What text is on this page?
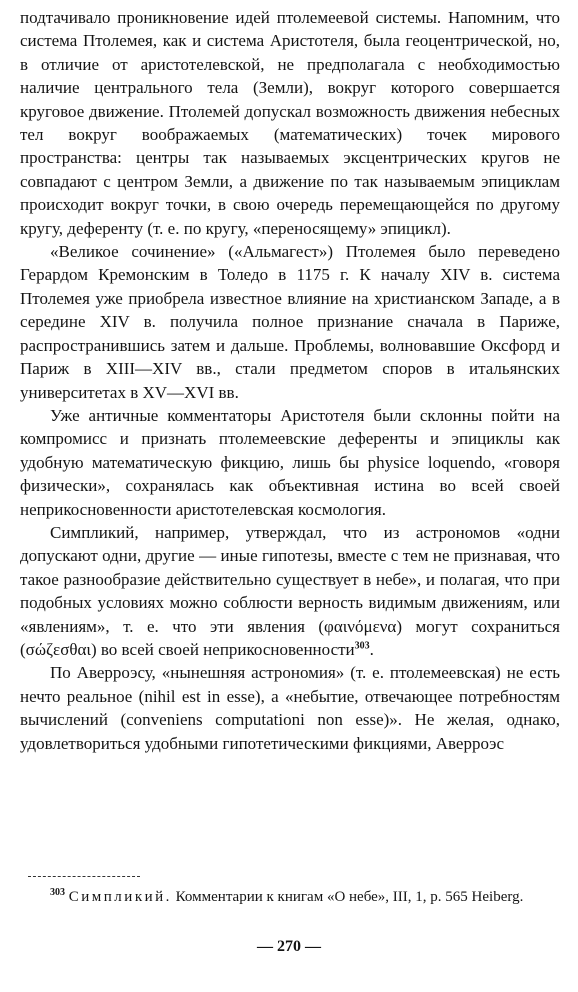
подтачивало проникновение идей птолемеевой системы. Напомним, что система Птолемея, как и система Аристотеля, была геоцентрической, но, в отличие от аристотелевской, не предполагала с необходимостью наличие центрального тела (Земли), вокруг которого совершается круговое движение. Птолемей допускал возможность движения небесных тел вокруг воображаемых (математических) точек мирового пространства: центры так называемых эксцентрических кругов не совпадают с центром Земли, а движение по так называемым эпициклам происходит вокруг точки, в свою очередь перемещающейся по другому кругу, деференту (т. е. по кругу, «переносящему» эпицикл).

«Великое сочинение» («Альмагест») Птолемея было переведено Герардом Кремонским в Толедо в 1175 г. К началу XIV в. система Птолемея уже приобрела известное влияние на христианском Западе, а в середине XIV в. получила полное признание сначала в Париже, распространившись затем и дальше. Проблемы, волновавшие Оксфорд и Париж в XIII—XIV вв., стали предметом споров в итальянских университетах в XV—XVI вв.

Уже античные комментаторы Аристотеля были склонны пойти на компромисс и признать птолемеевские деференты и эпициклы как удобную математическую фикцию, лишь бы physice loquendo, «говоря физически», сохранялась как объективная истина во всей своей неприкосновенности аристотелевская космология.

Симпликий, например, утверждал, что из астрономов «одни допускают одни, другие — иные гипотезы, вместе с тем не признавая, что такое разнообразие действительно существует в небе», и полагая, что при подобных условиях можно соблюсти верность видимым движениям, или «явлениям», т. е. что эти явления (φαινόμενα) могут сохраниться (σώζεσθαι) во всей своей неприкосновенности$^{303}$.

По Аверроэсу, «нынешняя астрономия» (т. е. птолемеевская) не есть нечто реальное (nihil est in esse), а «небытие, отвечающее потребностям вычислений (conveniens computationi non esse)». Не желая, однако, удовлетвориться удобными гипотетическими фикциями, Аверроэс

$^{303}$ Симпликий. Комментарии к книгам «О небе», III, 1, p. 565 Heiberg.
— 270 —
